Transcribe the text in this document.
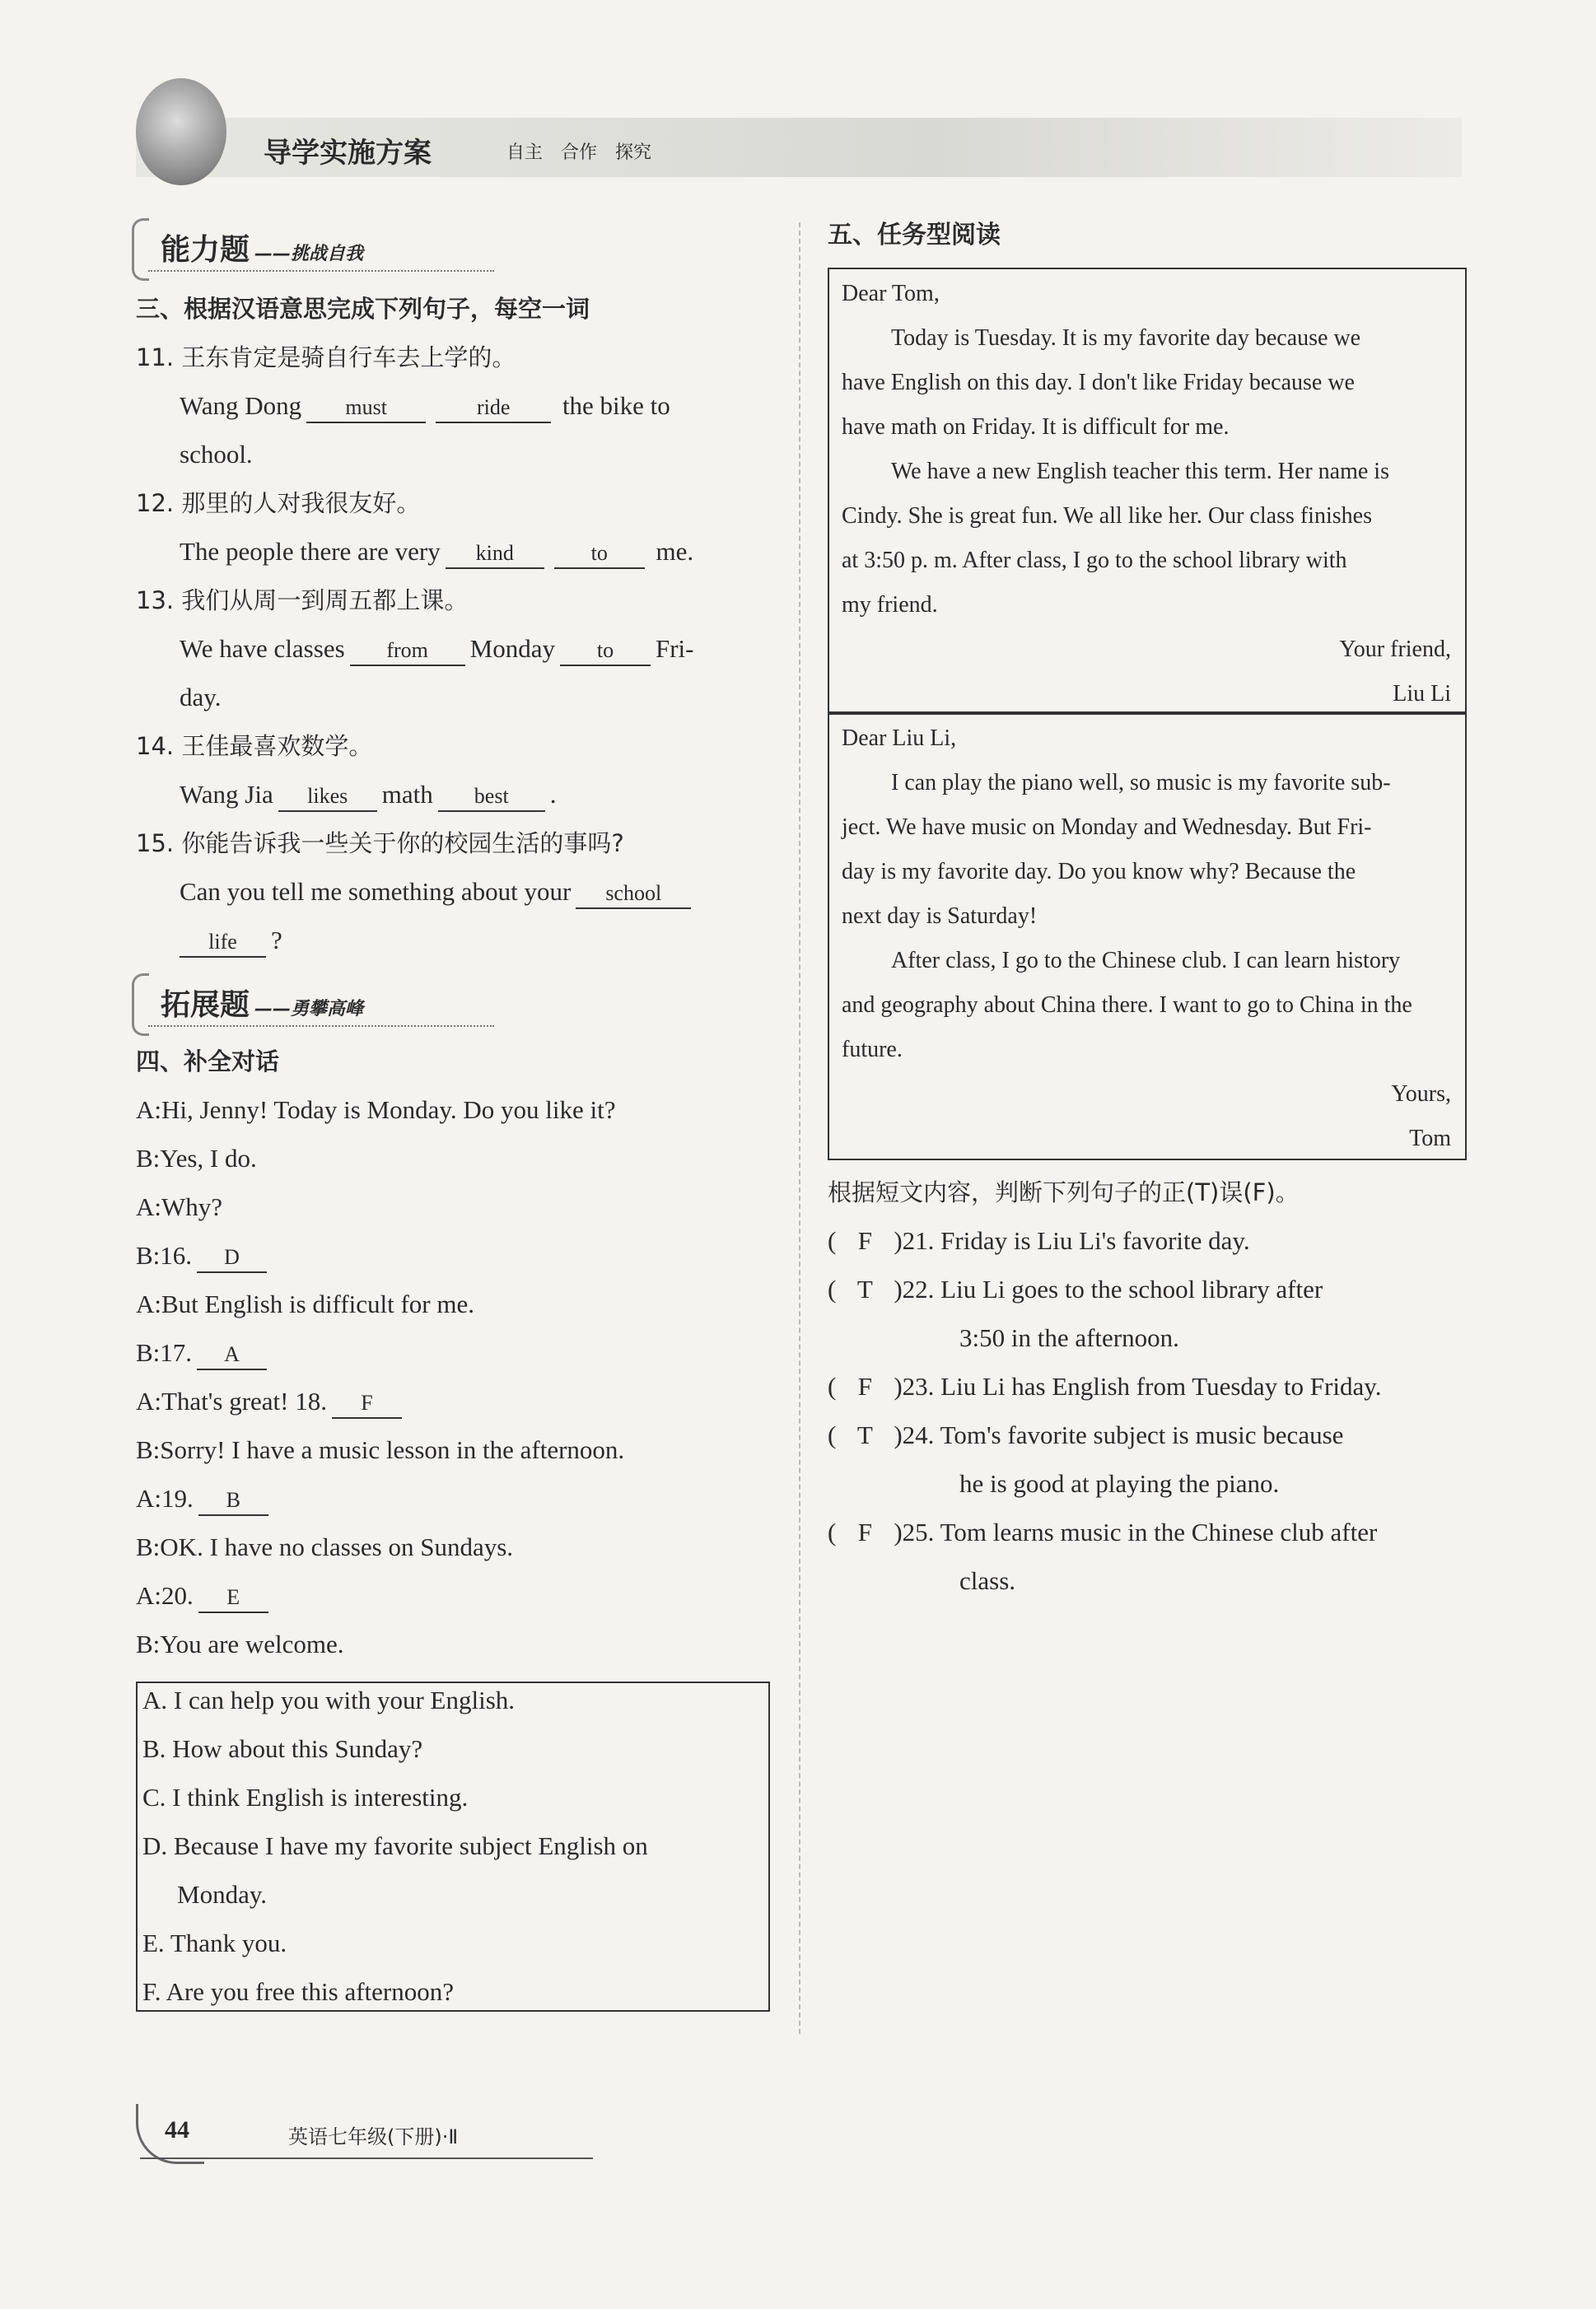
导学实施方案	自主　合作　探究
能力题 ——挑战自我
三、根据汉语意思完成下列句子，每空一词
11. 王东肯定是骑自行车去上学的。
Wang Dong must	ride the bike to
school.
12. 那里的人对我很友好。
The people there are very kind	to me.
13. 我们从周一到周五都上课。
We have classes from Monday to Fri-
day.
14. 王佳最喜欢数学。
Wang Jia likes math best .
15. 你能告诉我一些关于你的校园生活的事吗?
Can you tell me something about your school
life ?
拓展题 ——勇攀高峰
四、补全对话
A:Hi, Jenny! Today is Monday. Do you like it?
B:Yes, I do.
A:Why?
B:16. D
A:But English is difficult for me.
B:17. A
A:That's great! 18. F
B:Sorry! I have a music lesson in the afternoon.
A:19. B
B:OK. I have no classes on Sundays.
A:20. E
B:You are welcome.
A. I can help you with your English.
B. How about this Sunday?
C. I think English is interesting.
D. Because I have my favorite subject English on
Monday.
E. Thank you.
F. Are you free this afternoon?
五、任务型阅读
Dear Tom,
Today is Tuesday. It is my favorite day because we
have English on this day. I don't like Friday because we
have math on Friday. It is difficult for me.
We have a new English teacher this term. Her name is
Cindy. She is great fun. We all like her. Our class finishes
at 3:50 p. m. After class, I go to the school library with
my friend.
Your friend,
Liu Li
Dear Liu Li,
I can play the piano well, so music is my favorite sub-
ject. We have music on Monday and Wednesday. But Fri-
day is my favorite day. Do you know why? Because the
next day is Saturday!
After class, I go to the Chinese club. I can learn history
and geography about China there. I want to go to China in the
future.
Yours,
Tom
根据短文内容，判断下列句子的正(T)误(F)。
( F )21. Friday is Liu Li's favorite day.
( T )22. Liu Li goes to the school library after
3:50 in the afternoon.
( F )23. Liu Li has English from Tuesday to Friday.
( T )24. Tom's favorite subject is music because
he is good at playing the piano.
( F )25. Tom learns music in the Chinese club after
class.
44	英语七年级(下册)·Ⅱ
